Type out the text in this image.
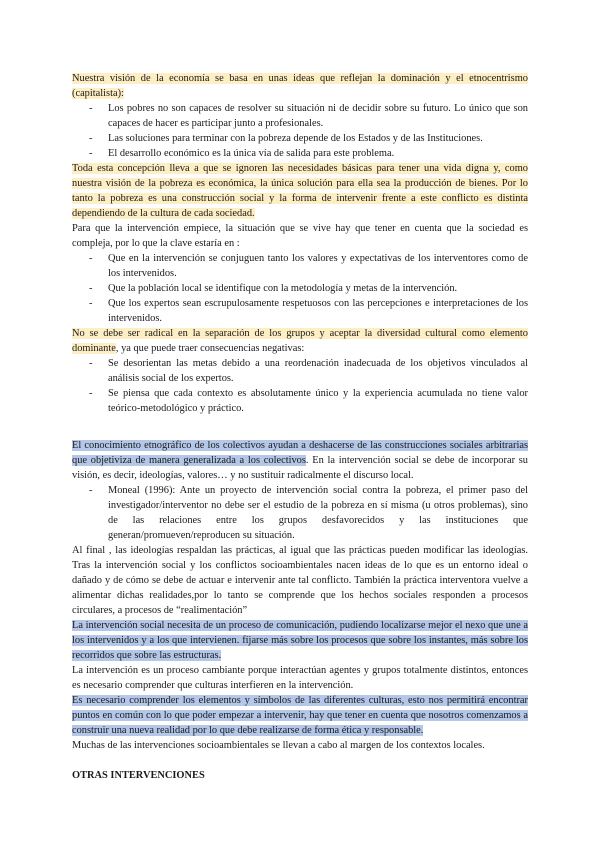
Nuestra visión de la economía se basa en unas ideas que reflejan la dominación y el etnocentrismo (capitalista):

- Los pobres no son capaces de resolver su situación ni de decidir sobre su futuro. Lo único que son capaces de hacer es participar junto a profesionales.
- Las soluciones para terminar con la pobreza depende de los Estados y de las Instituciones.
- El desarrollo económico es la única vía de salida para este problema.

Toda esta concepción lleva a que se ignoren las necesidades básicas para tener una vida digna y, como nuestra visión de la pobreza es económica, la única solución para ella sea la producción de bienes. Por lo tanto la pobreza es una construcción social y la forma de intervenir frente a este conflicto es distinta dependiendo de la cultura de cada sociedad.

Para que la intervención empiece, la situación que se vive hay que tener en cuenta que la sociedad es compleja, por lo que la clave estaría en :

- Que en la intervención se conjuguen tanto los valores y expectativas de los interventores como de los intervenidos.
- Que la población local se identifique con la metodología y metas de la intervención.
- Que los expertos sean escrupulosamente respetuosos con las percepciones e interpretaciones de los intervenidos.

No se debe ser radical en la separación de los grupos y aceptar la diversidad cultural como elemento dominante, ya que puede traer consecuencias negativas:

- Se desorientan las metas debido a una reordenación inadecuada de los objetivos vinculados al análisis social de los expertos.
- Se piensa que cada contexto es absolutamente único y la experiencia acumulada no tiene valor teórico-metodológico y práctico.

El conocimiento etnográfico de los colectivos ayudan a deshacerse de las construcciones sociales arbitrarias que objetiviza de manera generalizada a los colectivos. En la intervención social se debe de incorporar su visión, es decir, ideologías, valores… y no sustituir radicalmente el discurso local.

- Moneal (1996): Ante un proyecto de intervención social contra la pobreza, el primer paso del investigador/interventor no debe ser el estudio de la pobreza en sí misma (u otros problemas), sino de las relaciones entre los grupos desfavorecidos y las instituciones que generan/promueven/reproducen su situación.

Al final , las ideologías respaldan las prácticas, al igual que las prácticas pueden modificar las ideologías. Tras la intervención social y los conflictos socioambientales nacen ideas de lo que es un entorno ideal o dañado y de cómo se debe de actuar e intervenir ante tal conflicto. También la práctica interventora vuelve a alimentar dichas realidades,por lo tanto se comprende que los hechos sociales responden a procesos circulares, a procesos de “realimentación”

La intervención social necesita de un proceso de comunicación, pudiendo localizarse mejor el nexo que une a los intervenidos y a los que intervienen. fíjarse más sobre los procesos que sobre los instantes, más sobre los recorridos que sobre las estructuras.

La intervención es un proceso cambiante porque interactúan agentes y grupos totalmente distintos, entonces es necesario comprender que culturas interfieren en la intervención.

Es necesario comprender los elementos y símbolos de las diferentes culturas, esto nos permitirá encontrar puntos en común con lo que poder empezar a intervenir, hay que tener en cuenta que nosotros comenzamos a construir una nueva realidad por lo que debe realizarse de forma ética y responsable.

Muchas de las intervenciones socioambientales se llevan a cabo al margen de los contextos locales.

OTRAS INTERVENCIONES
